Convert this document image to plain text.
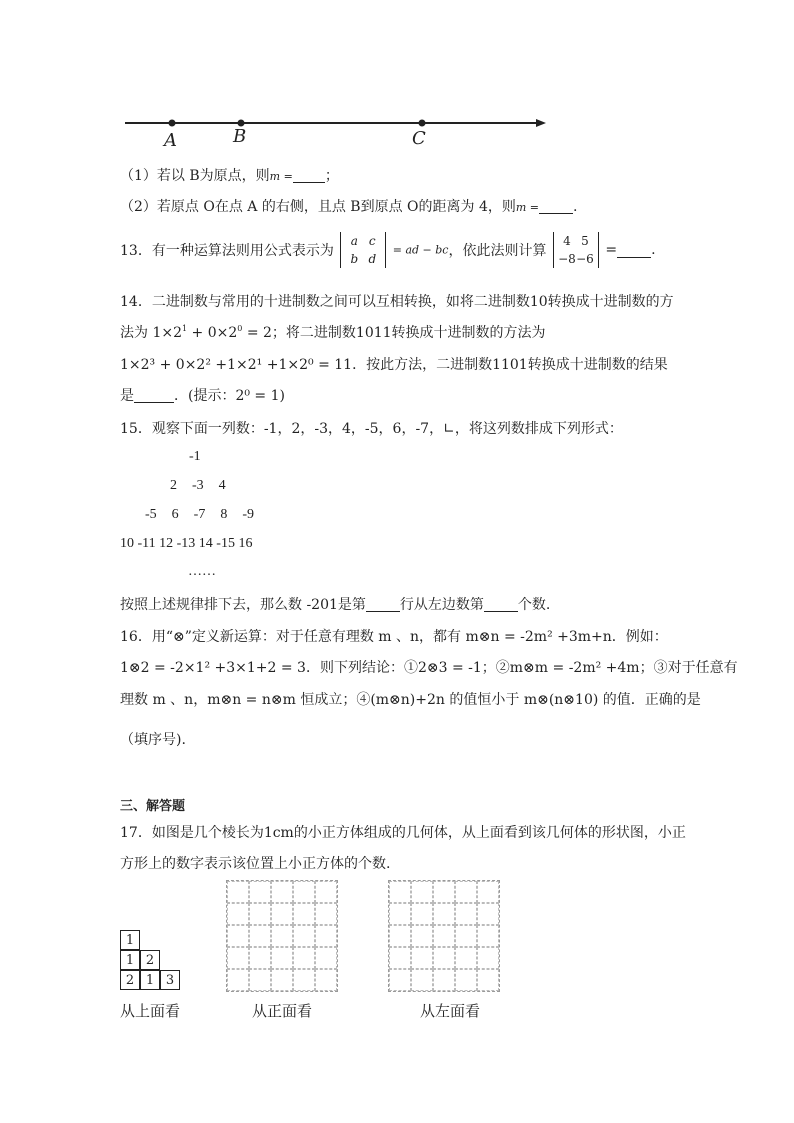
A	B	C
（1）若以 B为原点，则m = ；
（2）若原点 O在点 A 的右侧，且点 B到原点 O的距离为 4，则m = .
13．有一种运算法则用公式表示为
a c
b d
= ad − bc，依此法则计算
4 5
−8−6
= .
14．二进制数与常用的十进制数之间可以互相转换，如将二进制数10转换成十进制数的方
法为 $1\times 2^1 + 0\times 2^0 = 2$；将二进制数1011转换成十进制数的方法为
1×2³ + 0×2² +1×2¹ +1×2⁰ = 11．按此方法，二进制数1101转换成十进制数的结果
是	．(提示：2⁰ = 1)
15．观察下面一列数：-1，2，-3，4，-5，6，-7，∟，将这列数排成下列形式：
-1
2  -3  4
-5  6  -7  8  -9
10 -11 12 -13 14 -15 16
……
按照上述规律排下去，那么数 -201是第 行从左边数第 个数.
16．用“⊗”定义新运算：对于任意有理数 m 、n，都有 m⊗n = -2m² +3m+n．例如：
1⊗2 = -2×1² +3×1+2 = 3．则下列结论：①2⊗3 = -1；②m⊗m = -2m² +4m；③对于任意有
理数 m 、n，m⊗n = n⊗m 恒成立；④(m⊗n)+2n 的值恒小于 m⊗(n⊗10) 的值．正确的是
（填序号).
三、解答题
17．如图是几个棱长为1cm的小正方体组成的几何体，从上面看到该几何体的形状图，小正
方形上的数字表示该位置上小正方体的个数.
1
1 2
2 1 3
从上面看	从正面看	从左面看
